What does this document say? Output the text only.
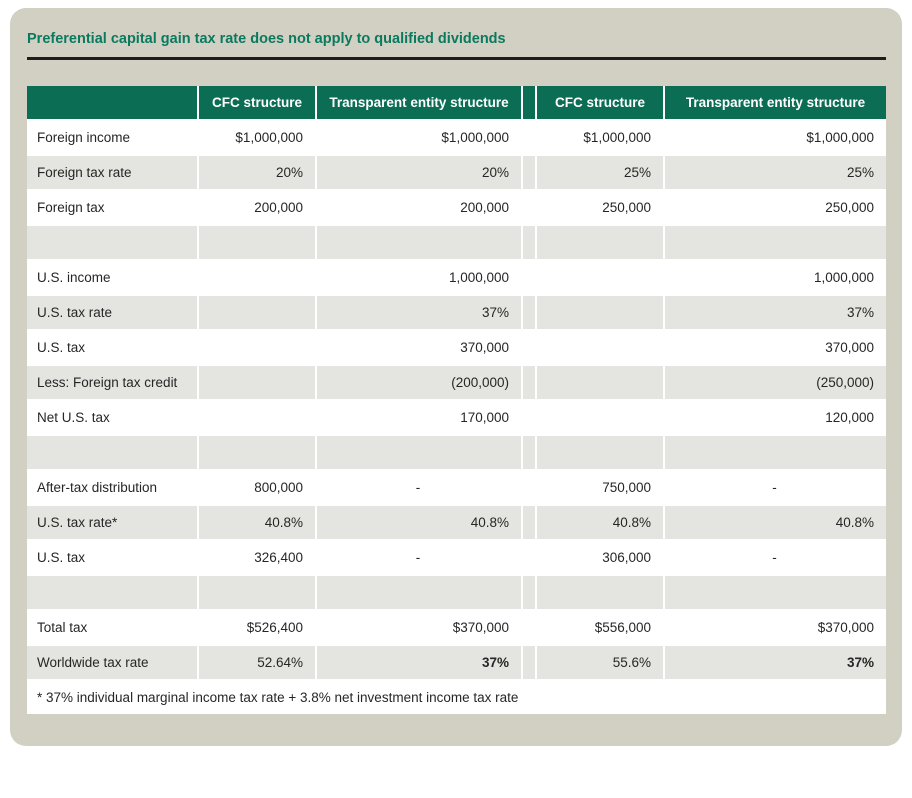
Preferential capital gain tax rate does not apply to qualified dividends
	CFC structure	Transparent entity structure		CFC structure	Transparent entity structure
Foreign income	$1,000,000	$1,000,000		$1,000,000	$1,000,000
Foreign tax rate	20%	20%		25%	25%
Foreign tax	200,000	200,000		250,000	250,000

U.S. income		1,000,000			1,000,000
U.S. tax rate		37%			37%
U.S. tax		370,000			370,000
Less: Foreign tax credit		(200,000)			(250,000)
Net U.S. tax		170,000			120,000

After-tax distribution	800,000	-		750,000	-
U.S. tax rate*	40.8%	40.8%		40.8%	40.8%
U.S. tax	326,400	-		306,000	-

Total tax	$526,400	$370,000		$556,000	$370,000
Worldwide tax rate	52.64%	37%		55.6%	37%
* 37% individual marginal income tax rate + 3.8% net investment income tax rate					
